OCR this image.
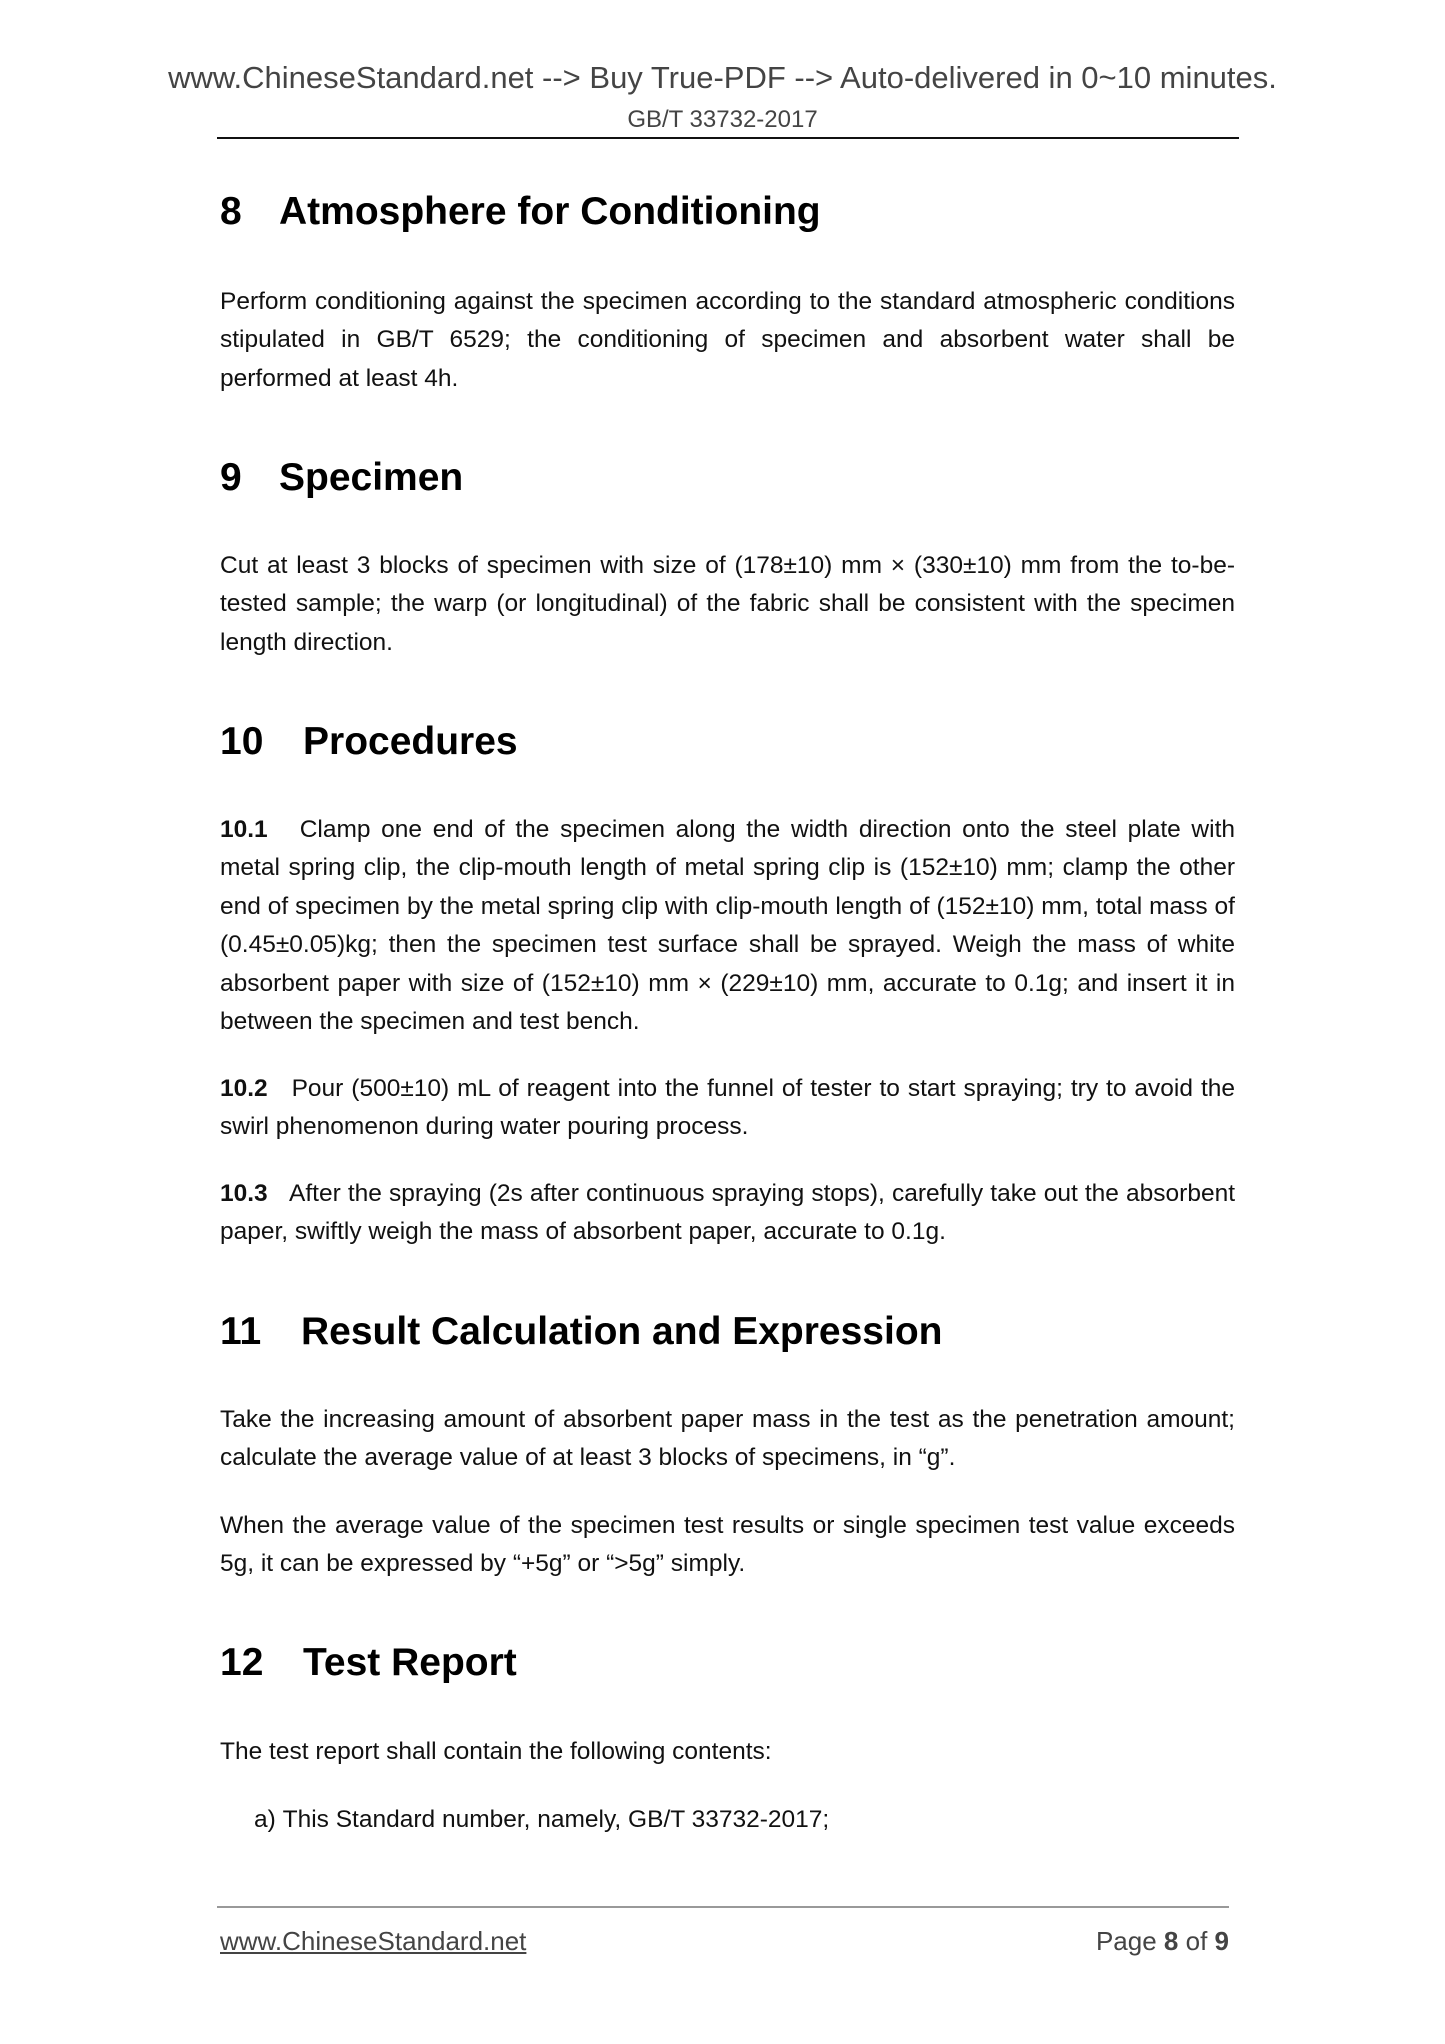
www.ChineseStandard.net --> Buy True-PDF --> Auto-delivered in 0~10 minutes.
GB/T 33732-2017
8 Atmosphere for Conditioning
Perform conditioning against the specimen according to the standard atmospheric conditions stipulated in GB/T 6529; the conditioning of specimen and absorbent water shall be performed at least 4h.
9 Specimen
Cut at least 3 blocks of specimen with size of (178±10) mm × (330±10) mm from the to-be-tested sample; the warp (or longitudinal) of the fabric shall be consistent with the specimen length direction.
10 Procedures
10.1 Clamp one end of the specimen along the width direction onto the steel plate with metal spring clip, the clip-mouth length of metal spring clip is (152±10) mm; clamp the other end of specimen by the metal spring clip with clip-mouth length of (152±10) mm, total mass of (0.45±0.05)kg; then the specimen test surface shall be sprayed. Weigh the mass of white absorbent paper with size of (152±10) mm × (229±10) mm, accurate to 0.1g; and insert it in between the specimen and test bench.
10.2 Pour (500±10) mL of reagent into the funnel of tester to start spraying; try to avoid the swirl phenomenon during water pouring process.
10.3 After the spraying (2s after continuous spraying stops), carefully take out the absorbent paper, swiftly weigh the mass of absorbent paper, accurate to 0.1g.
11 Result Calculation and Expression
Take the increasing amount of absorbent paper mass in the test as the penetration amount; calculate the average value of at least 3 blocks of specimens, in “g”.
When the average value of the specimen test results or single specimen test value exceeds 5g, it can be expressed by “+5g” or “>5g” simply.
12 Test Report
The test report shall contain the following contents:
a) This Standard number, namely, GB/T 33732-2017;
www.ChineseStandard.net	Page 8 of 9
